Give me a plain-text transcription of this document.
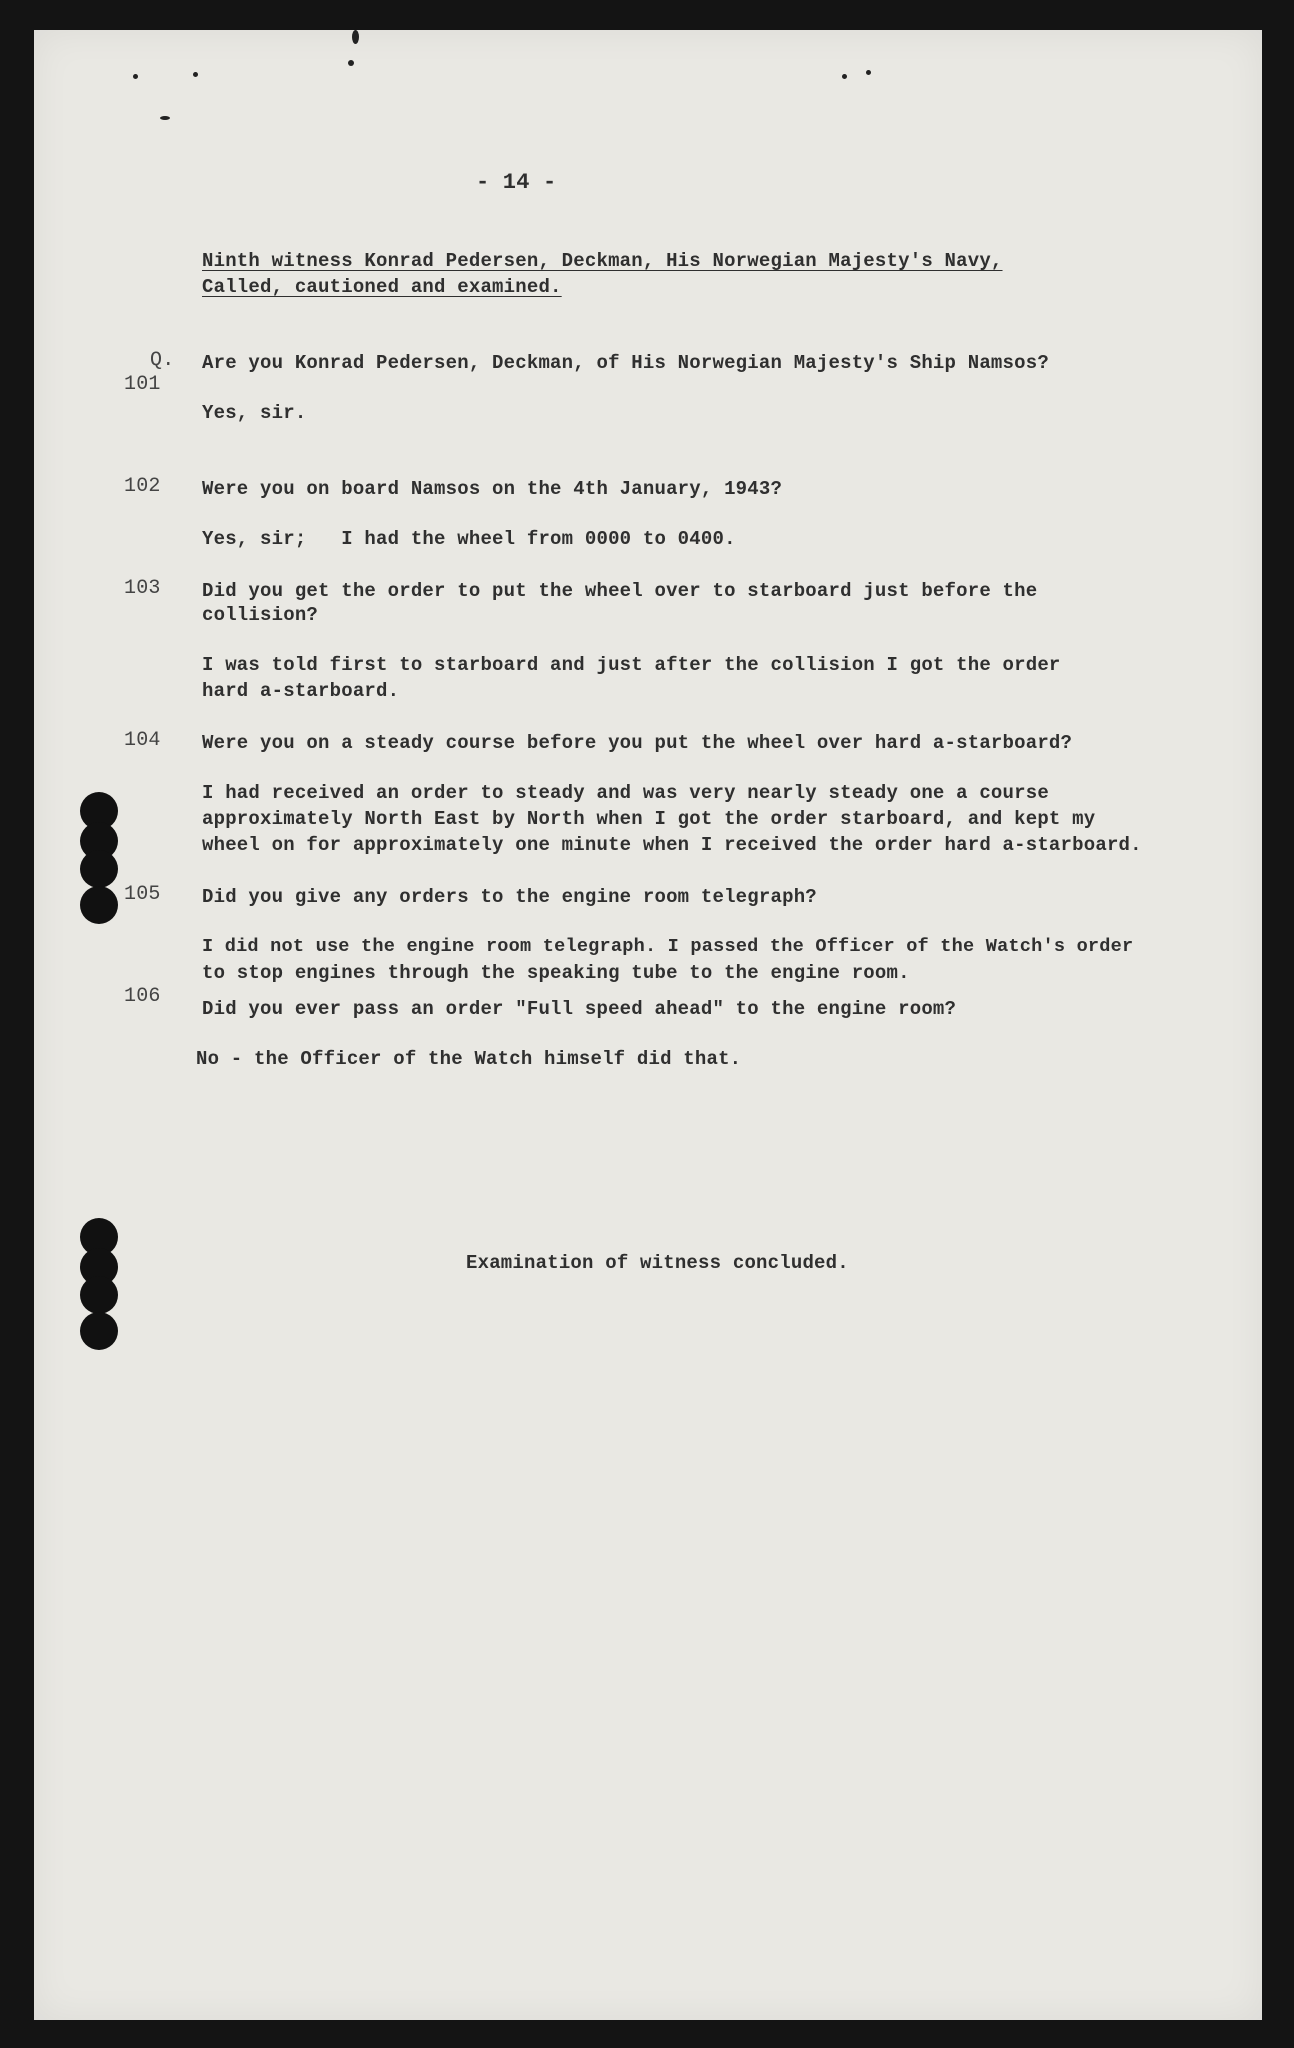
- 14 -
Ninth witness Konrad Pedersen, Deckman, His Norwegian Majesty's Navy,
Called, cautioned and examined.
Q.
101
Are you Konrad Pedersen, Deckman, of His Norwegian Majesty's Ship Namsos?
Yes, sir.
102 Were you on board Namsos on the 4th January, 1943?
Yes, sir;   I had the wheel from 0000 to 0400.
103 Did you get the order to put the wheel over to starboard just before the
collision?
I was told first to starboard and just after the collision I got the order
hard a-starboard.
104 Were you on a steady course before you put the wheel over hard a-starboard?
I had received an order to steady and was very nearly steady one a course
approximately North East by North when I got the order starboard, and kept my
wheel on for approximately one minute when I received the order hard a-starboard.
105 Did you give any orders to the engine room telegraph?
I did not use the engine room telegraph. I passed the Officer of the Watch's order
to stop engines through the speaking tube to the engine room.
106
Did you ever pass an order "Full speed ahead" to the engine room?
No - the Officer of the Watch himself did that.
Examination of witness concluded.
